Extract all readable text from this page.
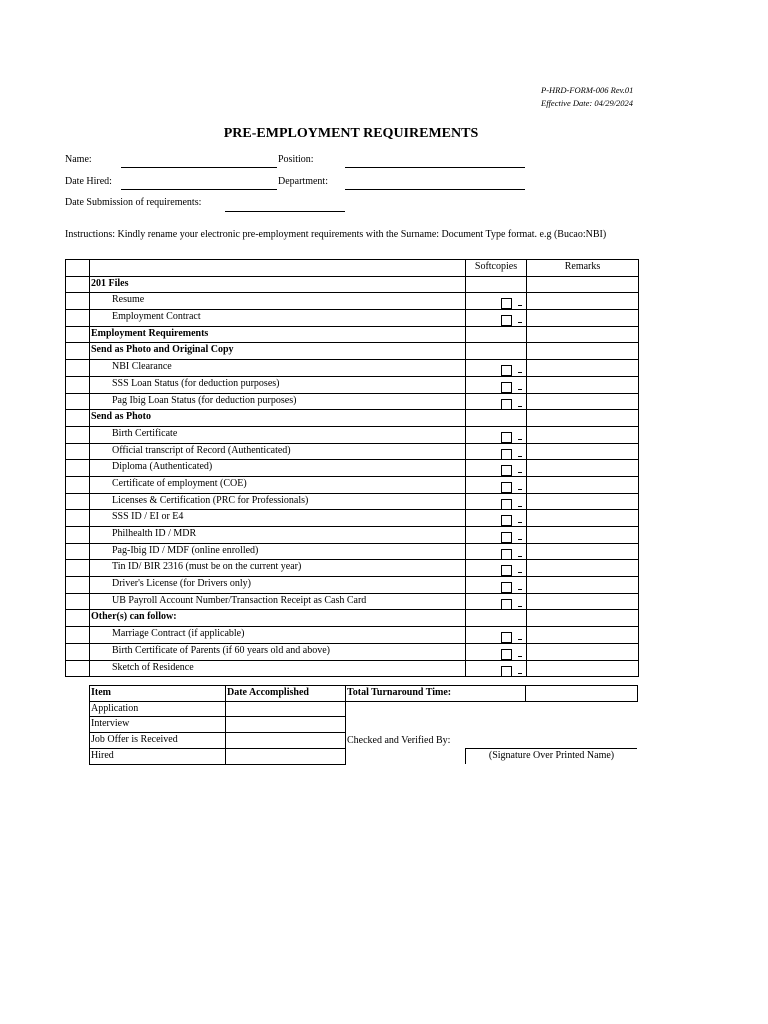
P-HRD-FORM-006 Rev.01
Effective Date: 04/29/2024
PRE-EMPLOYMENT REQUIREMENTS
Name:	Position:
Date Hired:	Department:
Date Submission of requirements:
Instructions: Kindly rename your electronic pre-employment requirements with the Surname: Document Type format. e.g (Bucao:NBI)
		Softcopies	Remarks
	201 Files		
	Resume	

	Employment Contract	

	Employment Requirements		
	Send as Photo and Original Copy		
	NBI Clearance	

	SSS Loan Status (for deduction purposes)	

	Pag Ibig Loan Status (for deduction purposes)	

	Send as Photo		
	Birth Certificate	

	Official transcript of Record (Authenticated)	

	Diploma (Authenticated)	

	Certificate of employment (COE)	

	Licenses & Certification (PRC for Professionals)	

	SSS ID / EI or E4	

	Philhealth ID / MDR	

	Pag-Ibig ID / MDF (online enrolled)	

	Tin ID/ BIR 2316 (must be on the current year)	

	Driver's License (for Drivers only)	

	UB Payroll Account Number/Transaction Receipt as Cash Card	

	Other(s) can follow:		
	Marriage Contract (if applicable)	

	Birth Certificate of Parents (if 60 years old and above)	

	Sketch of Residence	

Item	Date Accomplished	Total Turnaround Time:	
Application			
Interview			
Job Offer is Received		Checked and Verified By:	
Hired				(Signature Over Printed Name)
